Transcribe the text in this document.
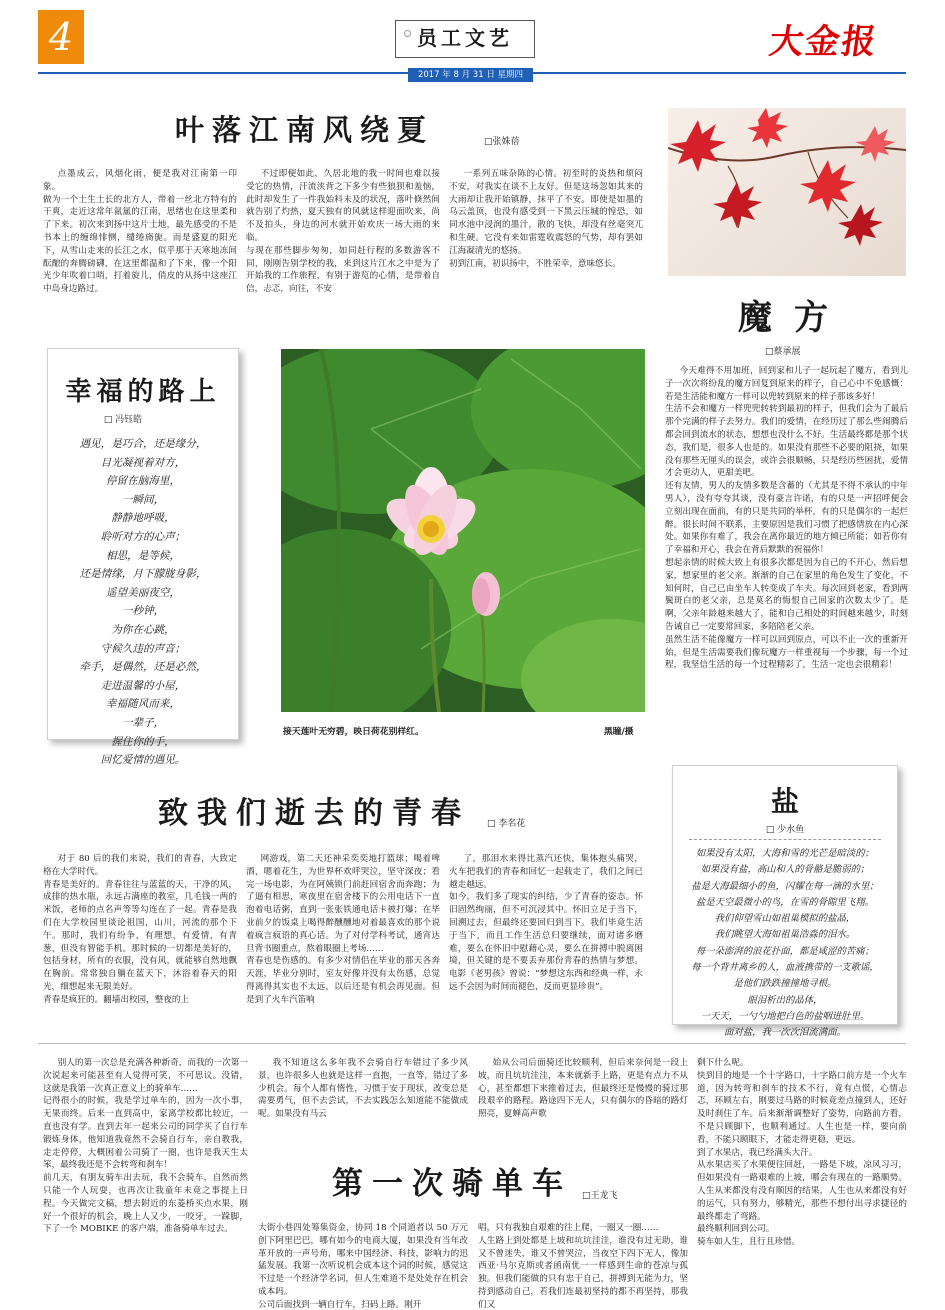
4	员工文艺
2017 年 8 月 31 日 星期四
大金报
叶落江南风绕夏	□张姝蓓
点墨成云，风烟化雨，便是我对江南第一印象。
做为一个土生土长的北方人，带着一丝北方特有的干爽，走近这常年氤氲的江南，思绪也在这里柔和了下来。初次来到扬中这片土地，最先感受的不是书本上的缠绵悱恻，缱绻旖旎。而是盛夏的阳光下，从雪山走来的长江之水，似乎那于天寒地冻间酝酿的奔腾磅礴，在这里都温和了下来，像一个阳光少年吹着口哨，打着旋儿，俏皮的从扬中这座江中岛身边路过。
不过即便如此，久居北地的我一时间也难以接受它的热情，汗流浃背之下多少有些狼狈和羞恼，此时却发生了一件我始料未及的状况，落叶倏然间就告别了灼热，夏天独有的风就这样迎面吹来，尚不及拍头，身边的河水就开始欢庆一场大雨的来临。
与现在那些脚步匆匆，如同赶行程的多数游客不同，刚刚告别学校的我，来到这片江水之中是为了开始我的工作旅程，有别于游览的心情，是带着自信，忐忑，向往，不安
一系列五味杂陈的心情。初至时的炎热和烦闷不安，对我实在谈不上友好。但是这场忽如其来的大雨却让我开始镇静，抹平了不安。即使是如墨的乌云盖顶，也没有感受到一下黑云压城的惶恐，如同水池中浸润的墨汁，散的飞快，却没有丝毫突兀和生硬。它没有来如雷霆收震怒的气势，却有罢如江海凝清光的悠扬。
初到江南，初识扬中，不胜荣幸，意味悠长。
魔方
□蔡承展
今天难得不用加班，回到家和儿子一起玩起了魔方，看到儿子一次次将纷乱的魔方回复到原来的样子，自己心中不免感慨：若是生活能和魔方一样可以兜转到原来的样子那该多好！
生活不会和魔方一样兜兜转转到最初的样子，但我们会为了最后那个完满的样子去努力。我们的爱情，在经历过了那么些闹腾后都会回到流水的状态，想想也没什么不好。生活最终都是那个状态，我们是，很多人也是的。如果没有那些不必要的阻挠，如果没有那些无厘头的误会，或许会很顺畅，只是经历些困扰，爱情才会更动人，更甜美吧。
还有友情，男人的友情多数是含蓄的（尤其是不得不承认的中年男人），没有夸夸其谈，没有豪言许诺，有的只是一声招呼便会立刻出现在面前，有的只是共同的举杯，有的只是偶尔的一起烂醉。很长时间不联系，主要原因是我们习惯了把感情放在内心深处。如果你有难了，我会在离你最近的地方倾已所能；如若你有了幸福和开心，我会在背后默默的祝福你！
想起亲情的时候大致上有很多次都是因为自己的不开心，然后想家，想家里的老父亲。渐渐的自己在家里的角色发生了变化，不知何时，自己已由坐车人转变成了车夫。每次回到老家，看到两鬓斑白的老父亲，总是莫名的悔恨自己回家的次数太少了。是啊，父亲年龄越来越大了，能和自己相处的时间越来越少，时刻告诫自己一定要常回家，多陪陪老父亲。
虽然生活不能像魔方一样可以回到原点，可以不止一次的重新开始，但是生活需要我们像玩魔方一样重视每一个步骤，每一个过程，我坚信生活的每一个过程精彩了，生活一定也会很精彩！
幸福的路上
□ 冯钰皓
遇见，是巧合，还是缘分，
目光凝视着对方，
停留在脑海里，
一瞬间，
静静地呼吸，
聆听对方的心声；
相思，是等候，
还是情缘，月下朦胧身影，
遥望美丽夜空，
一秒钟，
为你在心跳，
守候久违的声音；
牵手，是偶然，还是必然，
走进温馨的小屋，
幸福随风而来，
一辈子，
握住你的手，
回忆爱情的遇见。
接天莲叶无穷碧，映日荷花别样红。	黑瞳/摄
致我们逝去的青春 □ 李名花
对于 80 后的我们来说，我们的青春，大致定格在大学时代。
青春是美好的。青春往往与蓝蓝的天，干净的风，成排的热水瓶，永远占满座的教室，几毛钱一两的米饭，老师的点名声等等勾连在了一起。青春是我们在大学校园里谈论祖国，山川，河流的那个下午。那时，我们有纷争，有理想，有爱情，有青葱，但没有智能手机。那时候的一切都是美好的，包括身材，所有的衣服，没有风，就能够自然地飘在胸前。常常独自躺在蓝天下，沐浴着春天的阳光，细想起来无限美好。
青春是疯狂的。翻墙出校园，整夜的上
网游戏，第二天还神采奕奕地打篮球；喝着啤酒，嗯着花生，为世界杯欢呼哭泣，坚守深夜；看完一场电影，为在阿姨锁门前赶回宿舍而奔跑；为了逼有相思，寒夜里在宿舍楼下的公用电话下一直泡着电话粥，直到一张张铁通电话卡被打爆；在毕业前夕的饭桌上喝得醉醺醺地对着最喜欢的那个说着疯言疯语的真心话。为了对付学科考试，通宵达旦背书圈重点，熬着眼圈上考场……
青春也是伤感的。有多少对情侣在毕业的那天各奔天涯，毕业分别时，室友好像并没有太伤感，总觉得离得其实也不太远，以后还是有机会再见面。但是到了火车汽笛响
了，那泪水来得比蒸汽还快，集体抱头痛哭，火车把我们的青春和回忆一起载走了，我们之间已越走越远。
如今，我们多了现实的纠结，少了青春的姿态。怀旧固然绚丽，但不可沉浸其中。怀旧立足于当下，回溯过去，但最终还要回归到当下。我们毕竟生活于当下，而且工作生活总归要继续，面对诸多磨难，要么在怀旧中慰藉心灵，要么在拼搏中脱离困境，但关键的是不要丢弃那份青春的热情与梦想。电影《老男孩》曾说：“梦想这东西和经典一样，永远不会因为时间而褪色，反而更显珍贵”。
盐
□ 少水鱼
如果没有太阳，大海和雪的光芒是暗淡的；
如果没有盐，高山和人的骨骼是脆弱的；
盐是大海最细小的鱼，闪耀在每一滴的水里；
盐是天空最微小的鸟，在雪的骨隙里飞翔。
我们仰望雪山如祖巢模拟的盐晶，
我们眺望大海如祖巢浩淼的泪水。
每一朵澎湃的浪花扑面，都是咸涩的苦痛；
每一个背井离乡的人，血液携带的一支歌谣，
是他们跌跌撞撞地寻根。
眼泪析出的晶体，
一天天，一勺勺地把白色的盐咽进肚里。
面对盐，我一次次泪流满面。
别人的第一次总是充满各种新奇，而我的一次第一次说起来可能甚至有人觉得可笑，不可思议。没错，这就是我第一次真正意义上的骑单车……
记得很小的时候，我是学过单车的，因为一次小事，无果而终。后来一直到高中，家离学校都比较近，一直也没有学。直到去年一起来公司的同学买了自行车锻炼身体，他知道我竟然不会骑自行车，亲自教我，走走停停，大概困着公司骑了一圈，也许是我天生太笨，最终我还是不会转弯和刹车！
前几天，有朋友骑车出去玩，我不会骑车，自然而然只能一个人玩耍，也再次让我童年未竟之事提上日程。今天做完文稿，想去附近的东菱桥买点水果，刚好一个很好的机会，晚上人又少，一咬牙，一跺脚，下了一个 MOBIKE 的客户端，准备骑单车过去。
我不知道这么多年我不会骑自行车错过了多少风景，也许很多人也就是这样一直抱，一直等，错过了多少机会。每个人都有惰性，习惯于安于现状，改变总是需要勇气，但不去尝试，不去实践怎么知道能不能做成呢。如果没有马云
始从公司后面骑还比较顺利，但后来奈何是一段上坡，而且坑坑洼洼，本来就新手上路，更是有点力不从心，甚至都想下来推着过去，但最终还是慢慢的骑过那段艰辛的路程。路途四下无人，只有偶尔的昏暗的路灯照亮，夏蝉高声歌
第一次骑单车 □王龙飞
大街小巷四处筹集资金，协同 18 个同道者以 50 万元创下阿里巴巴，哪有如今的电商大厦，如果没有当年改革开放的一声号角，哪来中国经济、科技，影响力的迅猛发展。我第一次听说机会成本这个词的时候，感觉这不过是一个经济学名词，但人生难道不是处处存在机会成本吗。
公司后面找到一辆自行车，扫码上路。刚开
唱，只有我独自艰难的往上爬，一圈又一圈……
人生路上到处都是上坡和坑坑洼洼，谁没有过无助，谁又不曾迷失，谁又不曾哭泣，当夜空下四下无人，像加西亚·马尔克斯或者函南优一一样感到生命的苍凉与孤独。但我们能做的只有忠于自己，拼搏到无能为力，坚持到感动自己，若我们连最初坚持的都不再坚持，那我们又
剩下什么呢。
快到目的地是一个十字路口，十字路口前方是一个火车道，因为转弯和刹车的技术不行，竟有点慌，心情忐忑，环顾左右，刚要过马路的时候竟差点撞到人，还好及时刹住了车。后来渐渐调整好了姿势，向路前方看，不是只顾脚下，也顺利通过。人生也是一样，要向前看，不能只顾眼下，才能走得更稳，更远。
到了水果店，我已经满头大汗。
从水果店买了水果便往回赶，一路是下坡，凉风习习，但如果没有一路艰难的上坡，哪会有现在的一路顺势。人生从来都没有没有顺因的结果，人生也从来都没有好的运气，只有努力，够精光，那些不想付出寻求捷径的最终都走了弯路。
最终顺利回到公司。
骑车如人生，且行且珍惜。
